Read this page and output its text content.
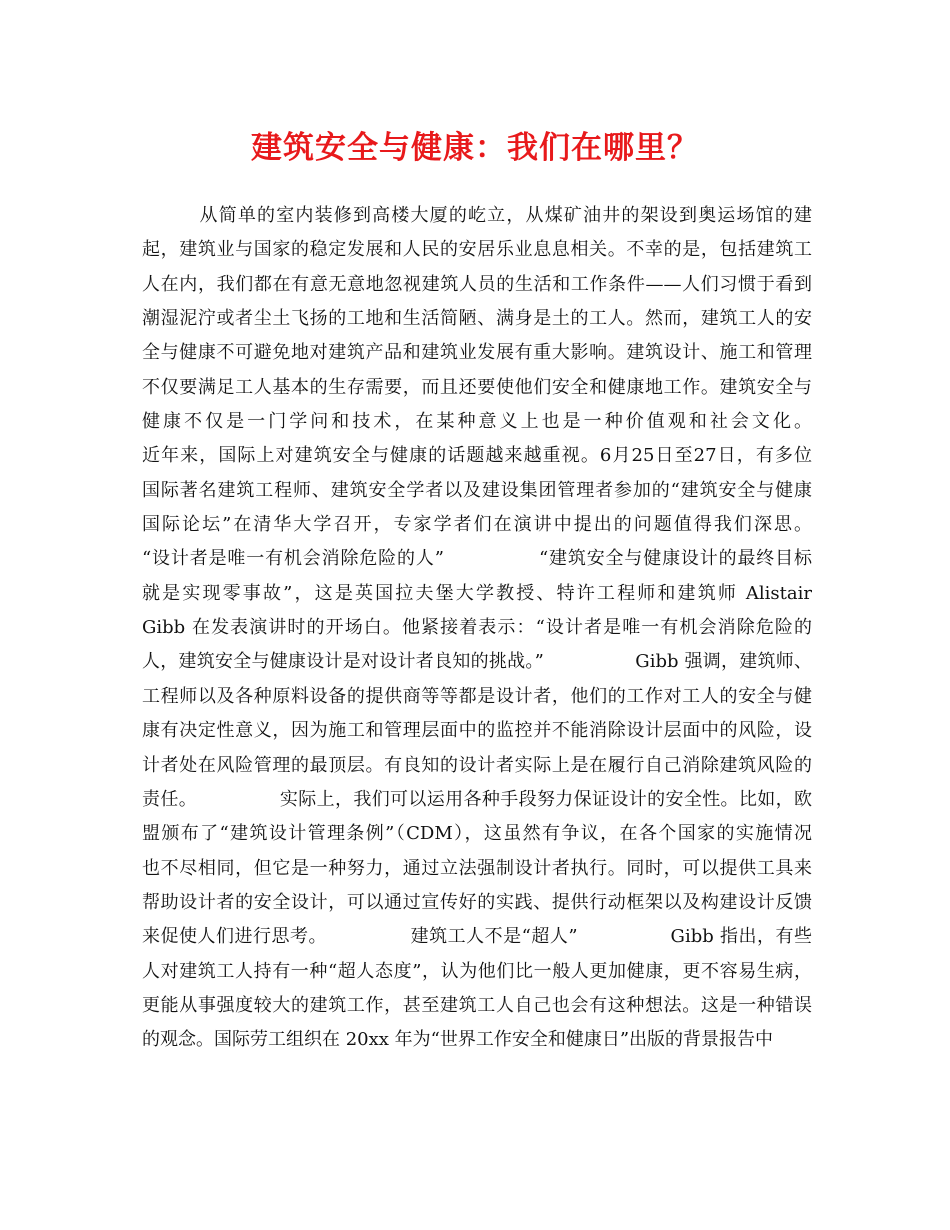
建筑安全与健康：我们在哪里？
　　　从简单的室内装修到高楼大厦的屹立，从煤矿油井的架设到奥运场馆的建
起，建筑业与国家的稳定发展和人民的安居乐业息息相关。不幸的是，包括建筑工
人在内，我们都在有意无意地忽视建筑人员的生活和工作条件——人们习惯于看到
潮湿泥泞或者尘土飞扬的工地和生活简陋、满身是土的工人。然而，建筑工人的安
全与健康不可避免地对建筑产品和建筑业发展有重大影响。建筑设计、施工和管理
不仅要满足工人基本的生存需要，而且还要使他们安全和健康地工作。建筑安全与
健康不仅是一门学问和技术，在某种意义上也是一种价值观和社会文化。
近年来，国际上对建筑安全与健康的话题越来越重视。6月25日至27日，有多位
国际著名建筑工程师、建筑安全学者以及建设集团管理者参加的“建筑安全与健康
国际论坛”在清华大学召开，专家学者们在演讲中提出的问题值得我们深思。
“设计者是唯一有机会消除危险的人”　　　　　“建筑安全与健康设计的最终目标
就是实现零事故”，这是英国拉夫堡大学教授、特许工程师和建筑师 Alistair
Gibb 在发表演讲时的开场白。他紧接着表示：“设计者是唯一有机会消除危险的
人，建筑安全与健康设计是对设计者良知的挑战。”　　　　　Gibb 强调，建筑师、
工程师以及各种原料设备的提供商等等都是设计者，他们的工作对工人的安全与健
康有决定性意义，因为施工和管理层面中的监控并不能消除设计层面中的风险，设
计者处在风险管理的最顶层。有良知的设计者实际上是在履行自己消除建筑风险的
责任。　　　　　实际上，我们可以运用各种手段努力保证设计的安全性。比如，欧
盟颁布了“建筑设计管理条例”（CDM），这虽然有争议，在各个国家的实施情况
也不尽相同，但它是一种努力，通过立法强制设计者执行。同时，可以提供工具来
帮助设计者的安全设计，可以通过宣传好的实践、提供行动框架以及构建设计反馈
来促使人们进行思考。　　　　　建筑工人不是“超人”　　　　　Gibb 指出，有些
人对建筑工人持有一种“超人态度”，认为他们比一般人更加健康，更不容易生病，
更能从事强度较大的建筑工作，甚至建筑工人自己也会有这种想法。这是一种错误
的观念。国际劳工组织在 20xx 年为“世界工作安全和健康日”出版的背景报告中
